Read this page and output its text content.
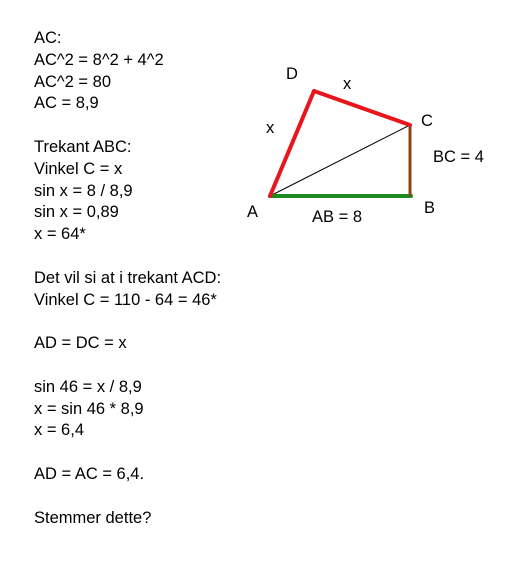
AC:
AC^2 = 8^2 + 4^2
AC^2 = 80
AC = 8,9
Trekant ABC:
Vinkel C = x
sin x = 8 / 8,9
sin x = 0,89
x = 64*
Det vil si at i trekant ACD:
Vinkel C = 110 - 64 = 46*
AD = DC = x
sin 46 = x / 8,9
x = sin 46 * 8,9
x = 6,4
AD = AC = 6,4.
Stemmer dette?
D
x
C
x
BC = 4
A	AB = 8	B
